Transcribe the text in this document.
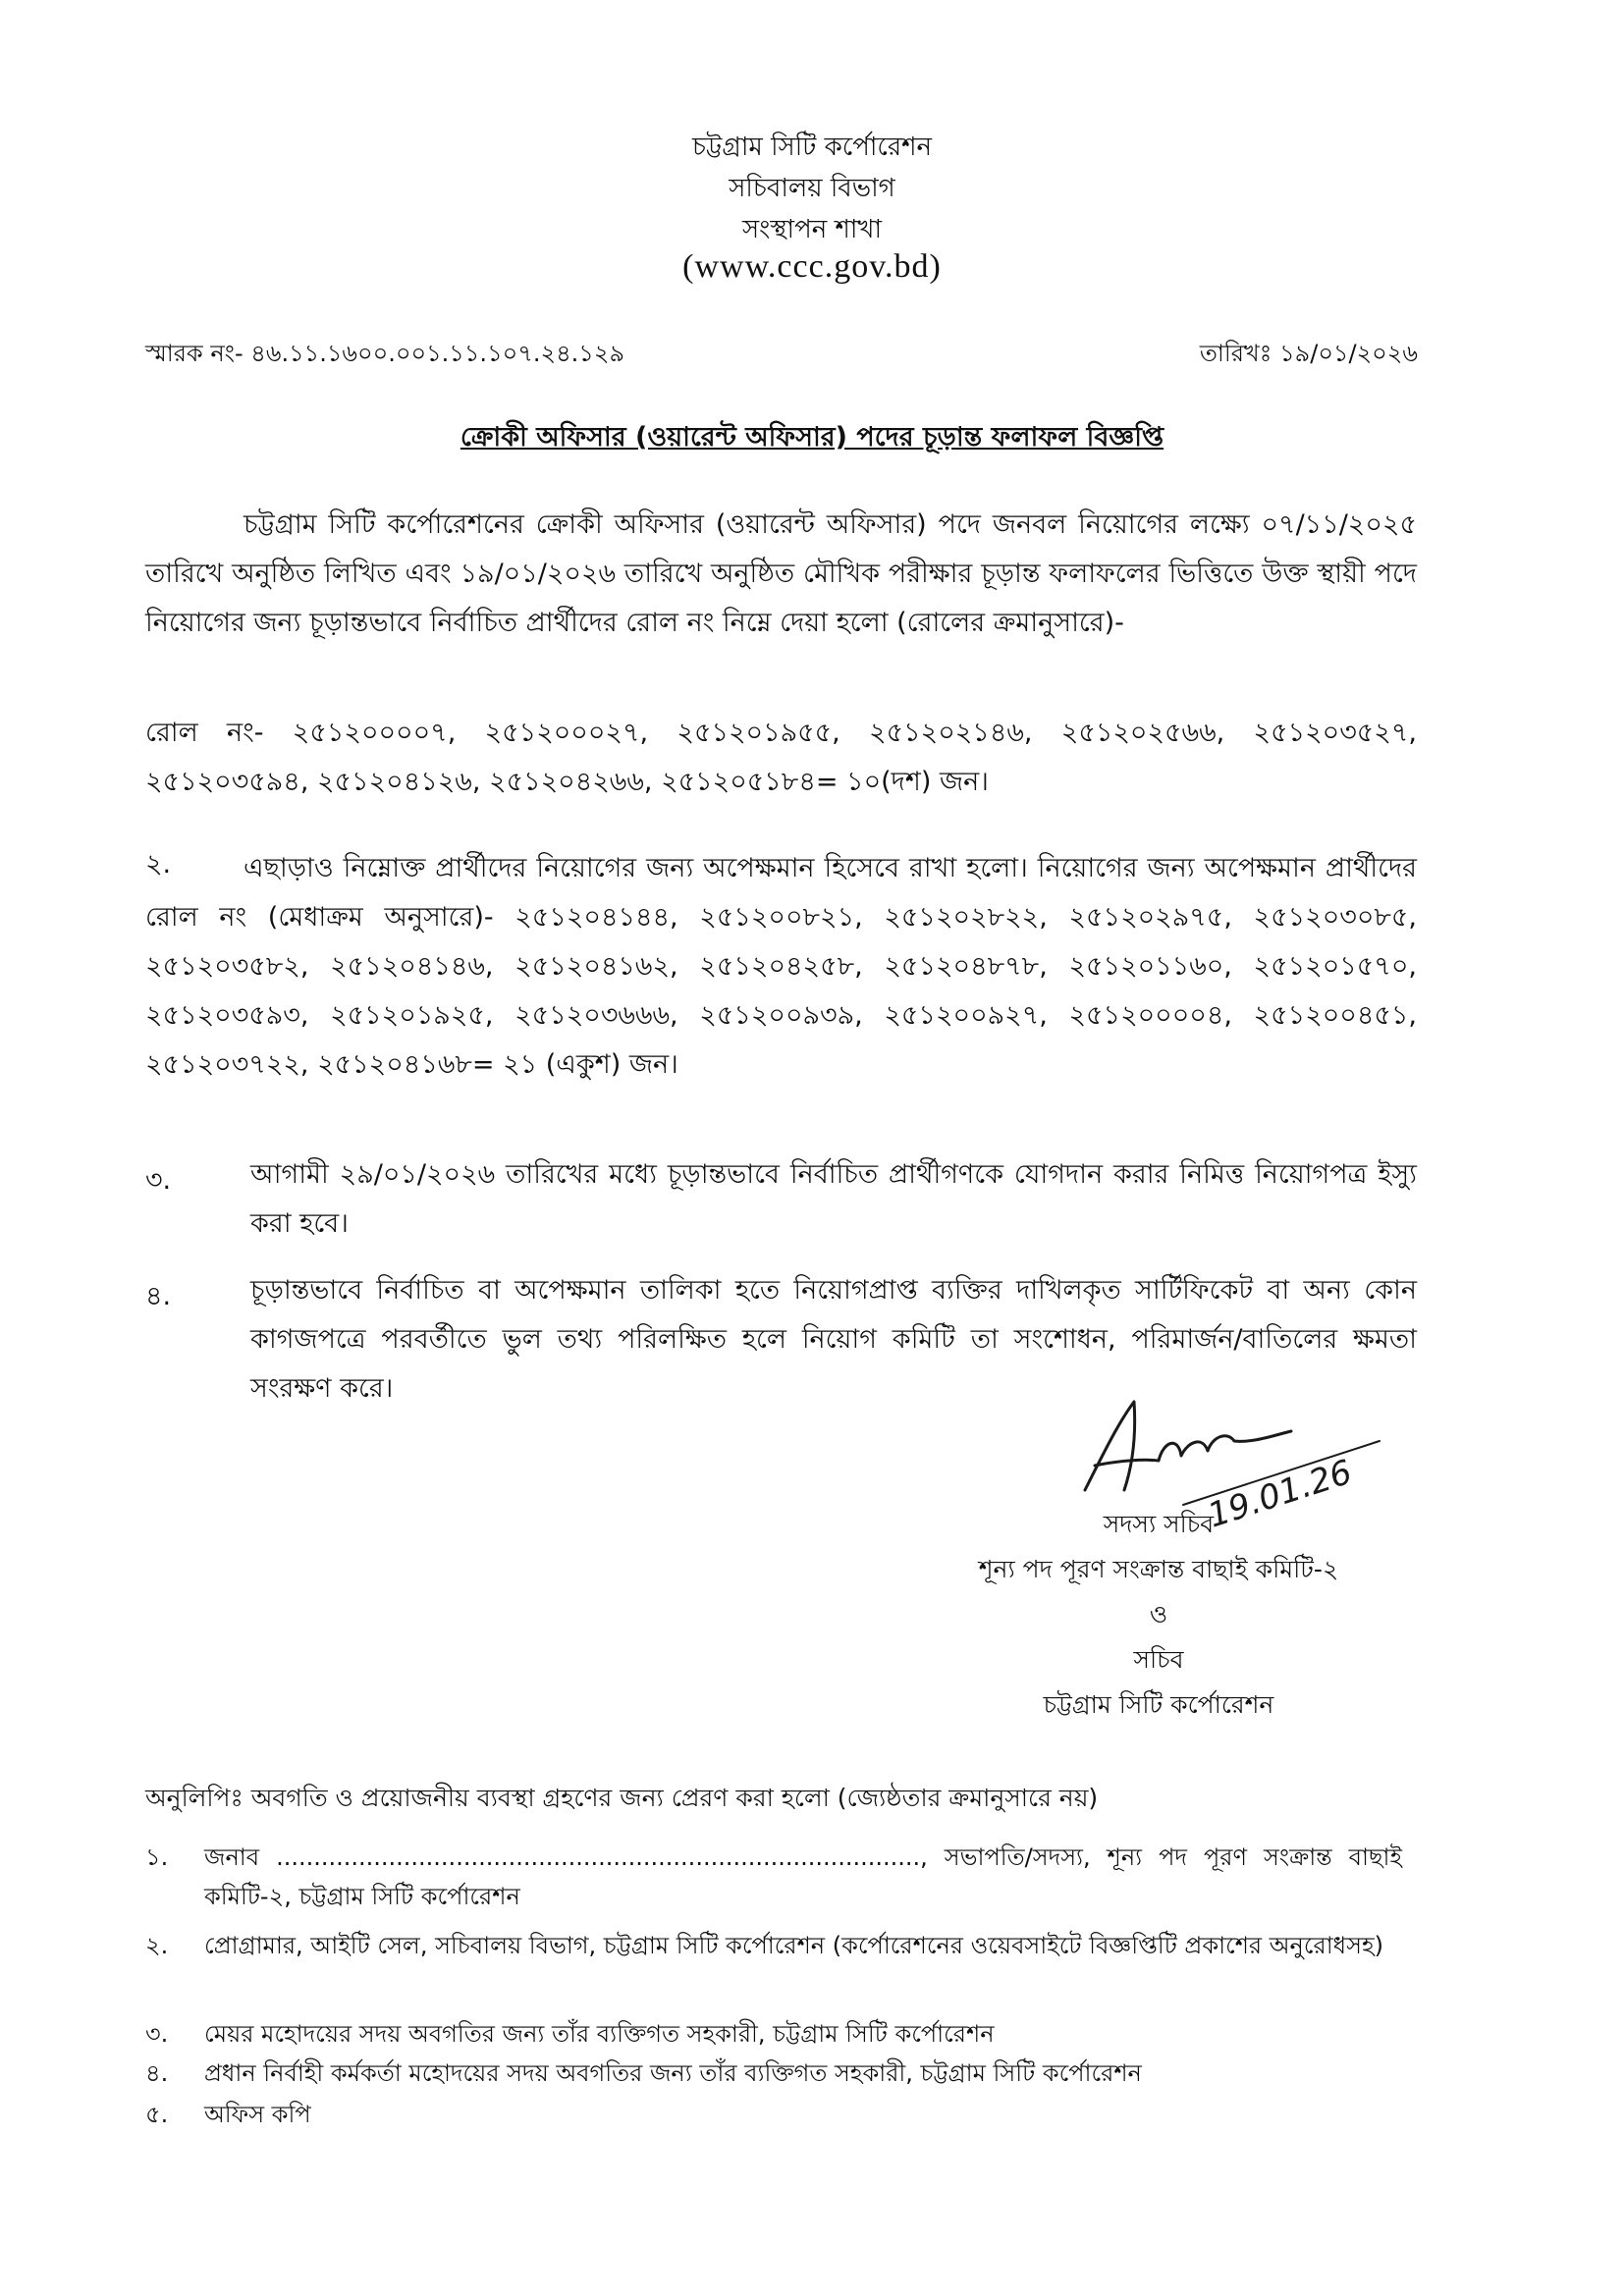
চট্টগ্রাম সিটি কর্পোরেশন
সচিবালয় বিভাগ
সংস্থাপন শাখা
(www.ccc.gov.bd)
স্মারক নং- ৪৬.১১.১৬০০.০০১.১১.১০৭.২৪.১২৯	তারিখঃ ১৯/০১/২০২৬
ক্রোকী অফিসার (ওয়ারেন্ট অফিসার) পদের চূড়ান্ত ফলাফল বিজ্ঞপ্তি
চট্টগ্রাম সিটি কর্পোরেশনের ক্রোকী অফিসার (ওয়ারেন্ট অফিসার) পদে জনবল নিয়োগের লক্ষ্যে ০৭/১১/২০২৫ তারিখে অনুষ্ঠিত লিখিত এবং ১৯/০১/২০২৬ তারিখে অনুষ্ঠিত মৌখিক পরীক্ষার চূড়ান্ত ফলাফলের ভিত্তিতে উক্ত স্থায়ী পদে নিয়োগের জন্য চূড়ান্তভাবে নির্বাচিত প্রার্থীদের রোল নং নিম্নে দেয়া হলো (রোলের ক্রমানুসারে)-
রোল নং- ২৫১২০০০০৭, ২৫১২০০০২৭, ২৫১২০১৯৫৫, ২৫১২০২১৪৬, ২৫১২০২৫৬৬, ২৫১২০৩৫২৭, ২৫১২০৩৫৯৪, ২৫১২০৪১২৬, ২৫১২০৪২৬৬, ২৫১২০৫১৮৪= ১০(দশ) জন।
২.	এছাড়াও নিম্নোক্ত প্রার্থীদের নিয়োগের জন্য অপেক্ষমান হিসেবে রাখা হলো। নিয়োগের জন্য অপেক্ষমান প্রার্থীদের রোল নং (মেধাক্রম অনুসারে)- ২৫১২০৪১৪৪, ২৫১২০০৮২১, ২৫১২০২৮২২, ২৫১২০২৯৭৫, ২৫১২০৩০৮৫, ২৫১২০৩৫৮২, ২৫১২০৪১৪৬, ২৫১২০৪১৬২, ২৫১২০৪২৫৮, ২৫১২০৪৮৭৮, ২৫১২০১১৬০, ২৫১২০১৫৭০, ২৫১২০৩৫৯৩, ২৫১২০১৯২৫, ২৫১২০৩৬৬৬, ২৫১২০০৯৩৯, ২৫১২০০৯২৭, ২৫১২০০০০৪, ২৫১২০০৪৫১, ২৫১২০৩৭২২, ২৫১২০৪১৬৮= ২১ (একুশ) জন।
৩.	আগামী ২৯/০১/২০২৬ তারিখের মধ্যে চূড়ান্তভাবে নির্বাচিত প্রার্থীগণকে যোগদান করার নিমিত্ত নিয়োগপত্র ইস্যু করা হবে।
৪.	চূড়ান্তভাবে নির্বাচিত বা অপেক্ষমান তালিকা হতে নিয়োগপ্রাপ্ত ব্যক্তির দাখিলকৃত সার্টিফিকেট বা অন্য কোন কাগজপত্রে পরবর্তীতে ভুল তথ্য পরিলক্ষিত হলে নিয়োগ কমিটি তা সংশোধন, পরিমার্জন/বাতিলের ক্ষমতা সংরক্ষণ করে।
19.01.26
সদস্য সচিব
শূন্য পদ পূরণ সংক্রান্ত বাছাই কমিটি-২
ও
সচিব
চট্টগ্রাম সিটি কর্পোরেশন
অনুলিপিঃ অবগতি ও প্রয়োজনীয় ব্যবস্থা গ্রহণের জন্য প্রেরণ করা হলো (জ্যেষ্ঠতার ক্রমানুসারে নয়)
১.	জনাব ......................................................................................, সভাপতি/সদস্য, শূন্য পদ পূরণ সংক্রান্ত বাছাই কমিটি-২, চট্টগ্রাম সিটি কর্পোরেশন
২.	প্রোগ্রামার, আইটি সেল, সচিবালয় বিভাগ, চট্টগ্রাম সিটি কর্পোরেশন (কর্পোরেশনের ওয়েবসাইটে বিজ্ঞপ্তিটি প্রকাশের অনুরোধসহ)
৩.	মেয়র মহোদয়ের সদয় অবগতির জন্য তাঁর ব্যক্তিগত সহকারী, চট্টগ্রাম সিটি কর্পোরেশন
৪.	প্রধান নির্বাহী কর্মকর্তা মহোদয়ের সদয় অবগতির জন্য তাঁর ব্যক্তিগত সহকারী, চট্টগ্রাম সিটি কর্পোরেশন
৫.	অফিস কপি
